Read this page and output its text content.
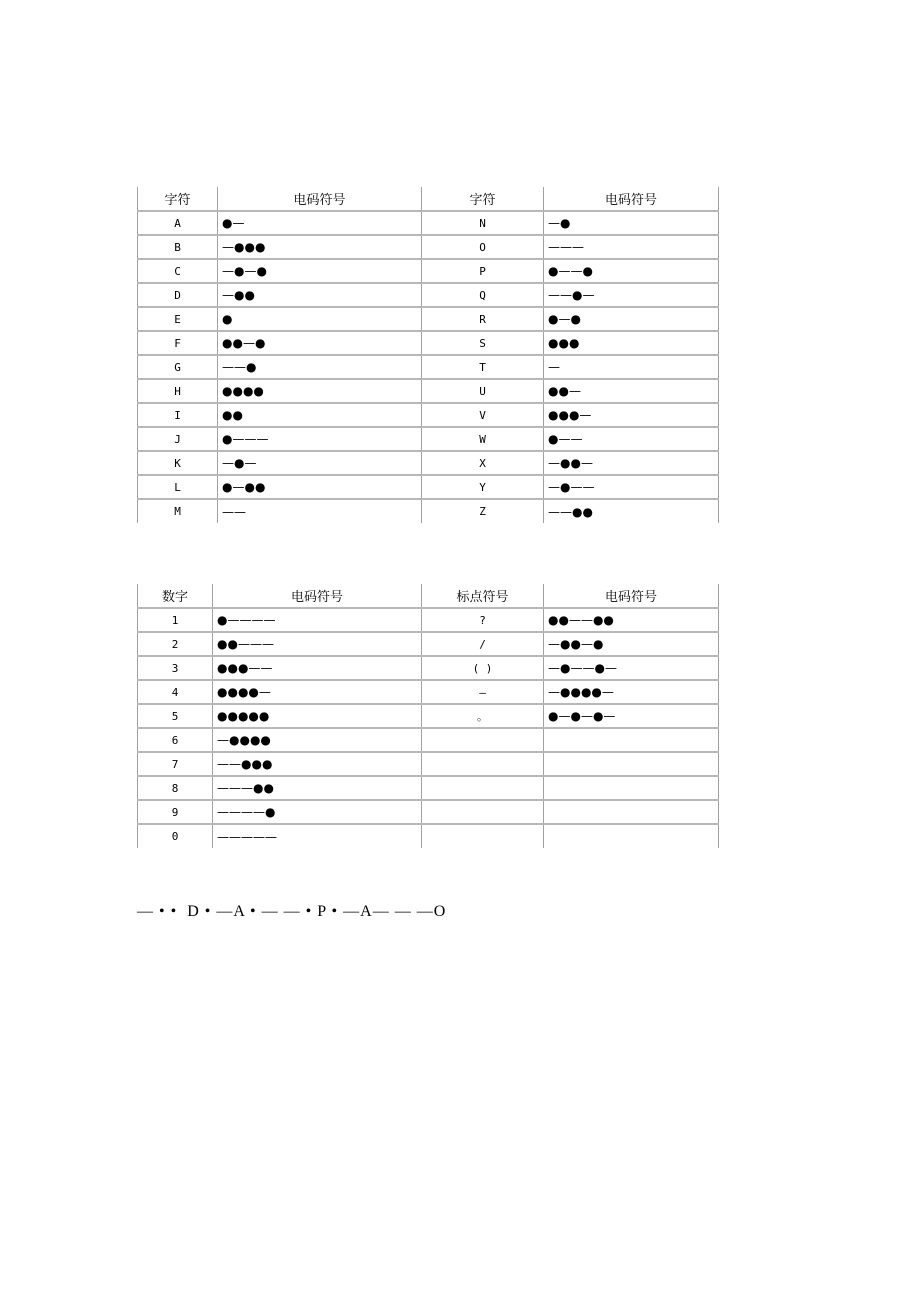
字符	电码符号	字符	电码符号
A	●—	N	—●
B	—●●●	O	———
C	—●—●	P	●——●
D	—●●	Q	——●—
E	●	R	●—●
F	●●—●	S	●●●
G	——●	T	—
H	●●●●	U	●●—
I	●●	V	●●●—
J	●———	W	●——
K	—●—	X	—●●—
L	●—●●	Y	—●——
M	——	Z	——●●
数字	电码符号	标点符号	电码符号
1	●————	?	●●——●●
2	●●———	/	—●●—●
3	●●●——	( )	—●——●—
4	●●●●—	—	—●●●●—
5	●●●●●	。	●—●—●—
6	—●●●●		
7	——●●●		
8	———●●		
9	————●		
0	—————		
— • •  D • —A • — — • P • —A— — —O
